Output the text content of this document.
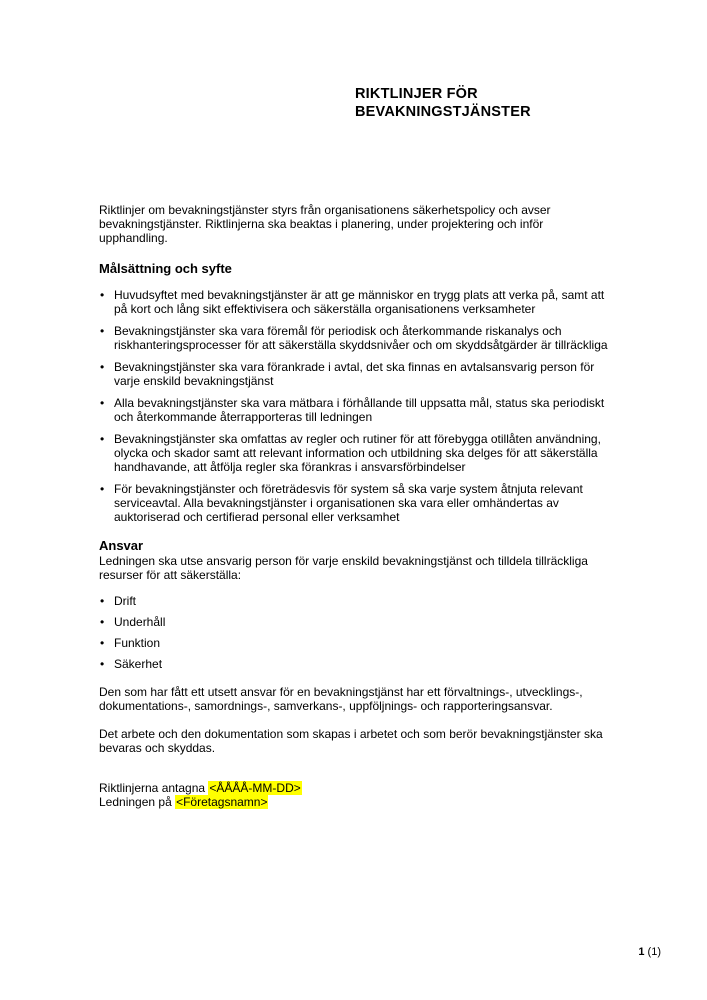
RIKTLINJER FÖR
BEVAKNINGSTJÄNSTER

Riktlinjer om bevakningstjänster styrs från organisationens säkerhetspolicy och avser bevakningstjänster. Riktlinjerna ska beaktas i planering, under projektering och inför upphandling.

Målsättning och syfte
• Huvudsyftet med bevakningstjänster är att ge människor en trygg plats att verka på, samt att på kort och lång sikt effektivisera och säkerställa organisationens verksamheter
• Bevakningstjänster ska vara föremål för periodisk och återkommande riskanalys och riskhanteringsprocesser för att säkerställa skyddsnivåer och om skyddsåtgärder är tillräckliga
• Bevakningstjänster ska vara förankrade i avtal, det ska finnas en avtalsansvarig person för varje enskild bevakningstjänst
• Alla bevakningstjänster ska vara mätbara i förhållande till uppsatta mål, status ska periodiskt och återkommande återrapporteras till ledningen
• Bevakningstjänster ska omfattas av regler och rutiner för att förebygga otillåten användning, olycka och skador samt att relevant information och utbildning ska delges för att säkerställa handhavande, att åtfölja regler ska förankras i ansvarsförbindelser
• För bevakningstjänster och företrädesvis för system så ska varje system åtnjuta relevant serviceavtal. Alla bevakningstjänster i organisationen ska vara eller omhändertas av auktoriserad och certifierad personal eller verksamhet
Ansvar

Ledningen ska utse ansvarig person för varje enskild bevakningstjänst och tilldela tillräckliga resurser för att säkerställa:

• Drift
• Underhåll
• Funktion
• Säkerhet

Den som har fått ett utsett ansvar för en bevakningstjänst har ett förvaltnings-, utvecklings-, dokumentations-, samordnings-, samverkans-, uppföljnings- och rapporteringsansvar.

Det arbete och den dokumentation som skapas i arbetet och som berör bevakningstjänster ska bevaras och skyddas.

Riktlinjerna antagna <ÅÅÅÅ-MM-DD>

Ledningen på <Företagsnamn>

1 (1)
